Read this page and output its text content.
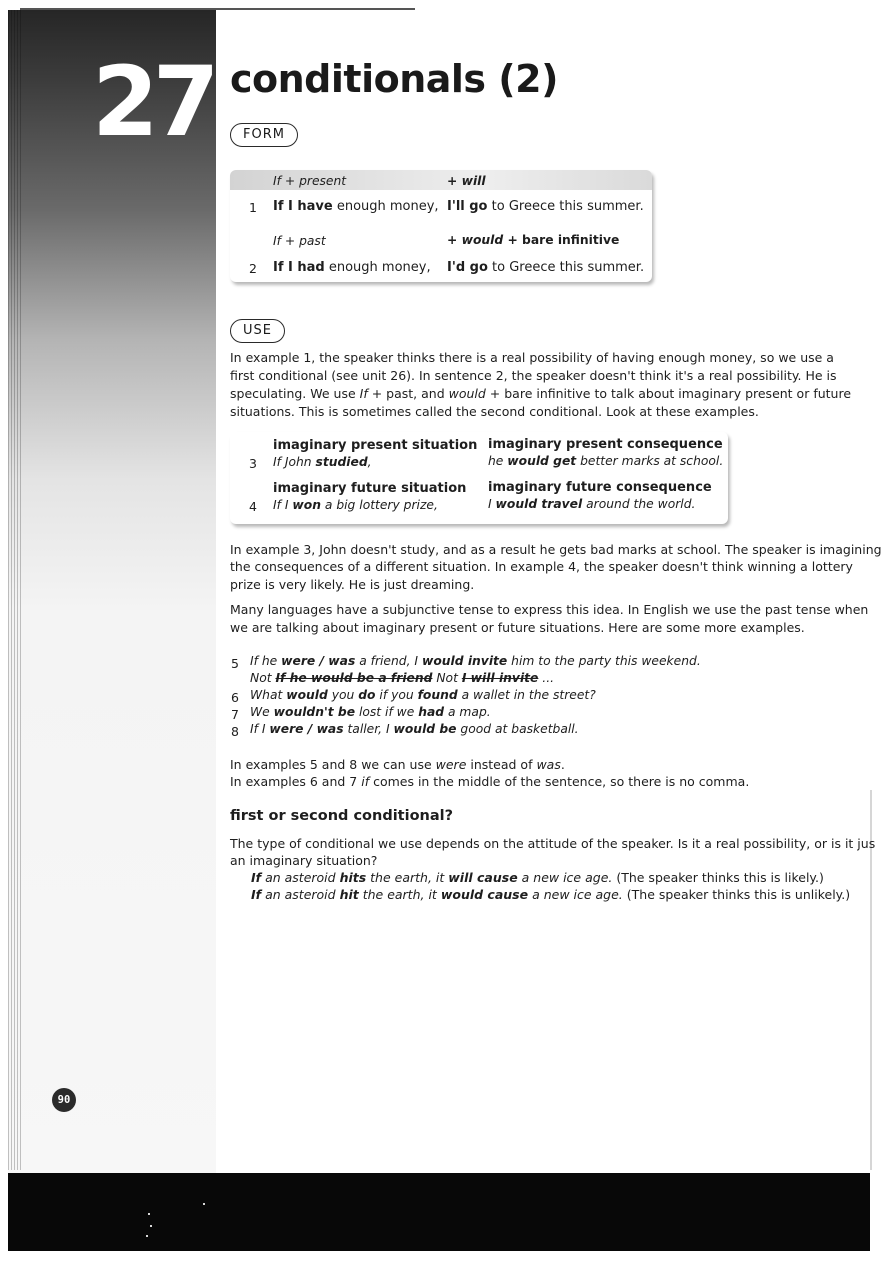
27 conditionals (2)
FORM
If + present	+ will
1 If I have enough money, I'll go to Greece this summer.
If + past	+ would + bare infinitive
2 If I had enough money, I'd go to Greece this summer.
USE
In example 1, the speaker thinks there is a real possibility of having enough money, so we use a
first conditional (see unit 26). In sentence 2, the speaker doesn't think it's a real possibility. He is
speculating. We use If + past, and would + bare infinitive to talk about imaginary present or future
situations. This is sometimes called the second conditional. Look at these examples.
imaginary present situation imaginary present consequence
3 If John studied,	he would get better marks at school.
imaginary future situation imaginary future consequence
4 If I won a big lottery prize,	I would travel around the world.
In example 3, John doesn't study, and as a result he gets bad marks at school. The speaker is imagining
the consequences of a different situation. In example 4, the speaker doesn't think winning a lottery
prize is very likely. He is just dreaming.
Many languages have a subjunctive tense to express this idea. In English we use the past tense when
we are talking about imaginary present or future situations. Here are some more examples.
5 If he were / was a friend, I would invite him to the party this weekend.
Not If he would be a friend Not I will invite ...
6 What would you do if you found a wallet in the street?
7 We wouldn't be lost if we had a map.
8 If I were / was taller, I would be good at basketball.
In examples 5 and 8 we can use were instead of was.
In examples 6 and 7 if comes in the middle of the sentence, so there is no comma.
first or second conditional?
The type of conditional we use depends on the attitude of the speaker. Is it a real possibility, or is it jus
an imaginary situation?
If an asteroid hits the earth, it will cause a new ice age. (The speaker thinks this is likely.)
If an asteroid hit the earth, it would cause a new ice age. (The speaker thinks this is unlikely.)
90
